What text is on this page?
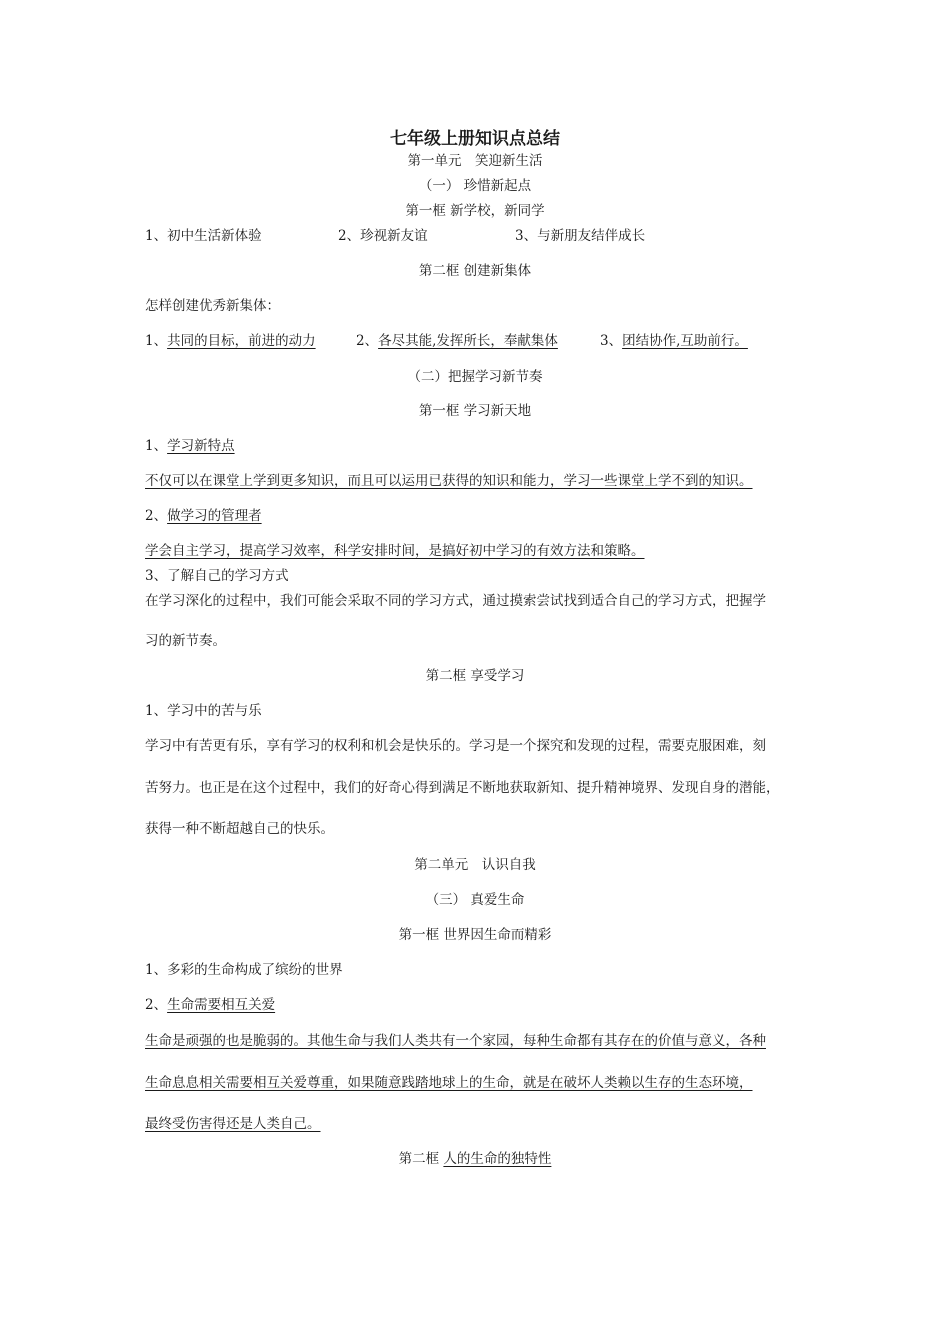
七年级上册知识点总结
第一单元　笑迎新生活
（一） 珍惜新起点
第一框 新学校，新同学
1、初中生活新体验	2、珍视新友谊	3、与新朋友结伴成长
第二框 创建新集体
怎样创建优秀新集体：
1、共同的目标，前进的动力	2、各尽其能,发挥所长，奉献集体	3、团结协作,互助前行。
（二）把握学习新节奏
第一框 学习新天地
1、学习新特点
不仅可以在课堂上学到更多知识，而且可以运用已获得的知识和能力，学习一些课堂上学不到的知识。
2、做学习的管理者
学会自主学习，提高学习效率，科学安排时间，是搞好初中学习的有效方法和策略。
3、了解自己的学习方式
在学习深化的过程中，我们可能会采取不同的学习方式，通过摸索尝试找到适合自己的学习方式，把握学
习的新节奏。
第二框 享受学习
1、学习中的苦与乐
学习中有苦更有乐，享有学习的权利和机会是快乐的。学习是一个探究和发现的过程，需要克服困难，刻
苦努力。也正是在这个过程中，我们的好奇心得到满足不断地获取新知、提升精神境界、发现自身的潜能，
获得一种不断超越自己的快乐。
第二单元　认识自我
（三） 真爱生命
第一框 世界因生命而精彩
1、多彩的生命构成了缤纷的世界
2、生命需要相互关爱
生命是顽强的也是脆弱的。其他生命与我们人类共有一个家园，每种生命都有其存在的价值与意义，各种
生命息息相关需要相互关爱尊重，如果随意践踏地球上的生命，就是在破坏人类赖以生存的生态环境，
最终受伤害得还是人类自己。
第二框 人的生命的独特性
